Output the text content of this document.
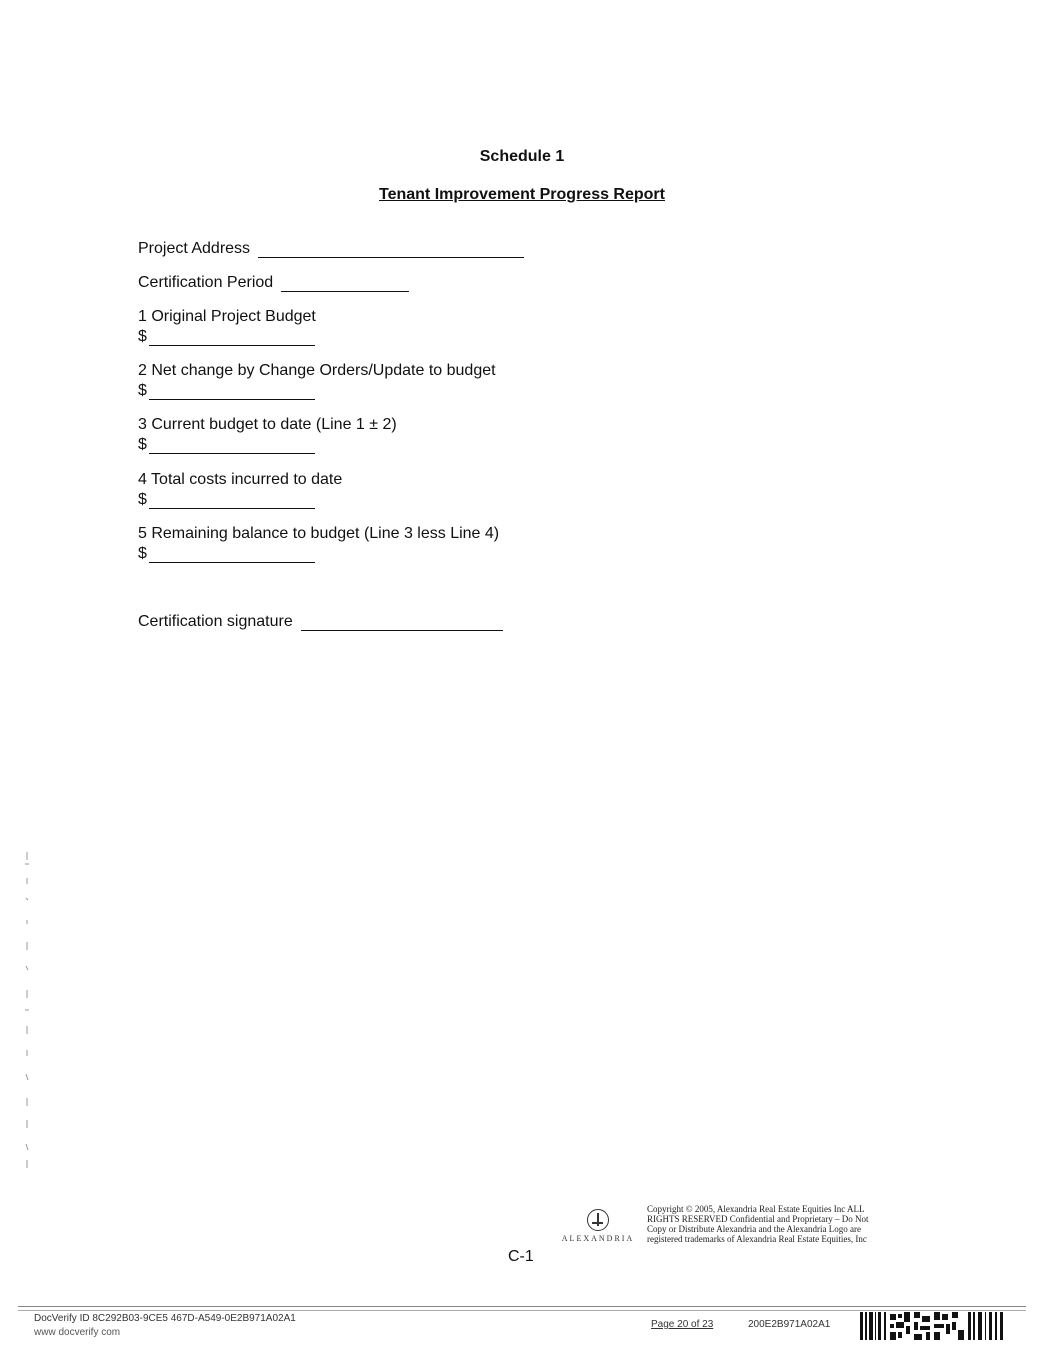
Schedule 1
Tenant Improvement Progress Report
Project Address
Certification Period
1 Original Project Budget
$
2 Net change by Change Orders/Update to budget
$
3 Current budget to date (Line 1 ± 2)
$
4 Total costs incurred to date
$
5 Remaining balance to budget (Line 3 less Line 4)
$
Certification signature
C-1
ALEXANDRIA
Copyright © 2005, Alexandria Real Estate Equities Inc ALL
RIGHTS RESERVED Confidential and Proprietary – Do Not
Copy or Distribute Alexandria and the Alexandria Logo are
registered trademarks of Alexandria Real Estate Equities, Inc
DocVerify ID 8C292B03-9CE5 467D-A549-0E2B971A02A1
www docverify com
Page 20 of 23	200E2B971A02A1
